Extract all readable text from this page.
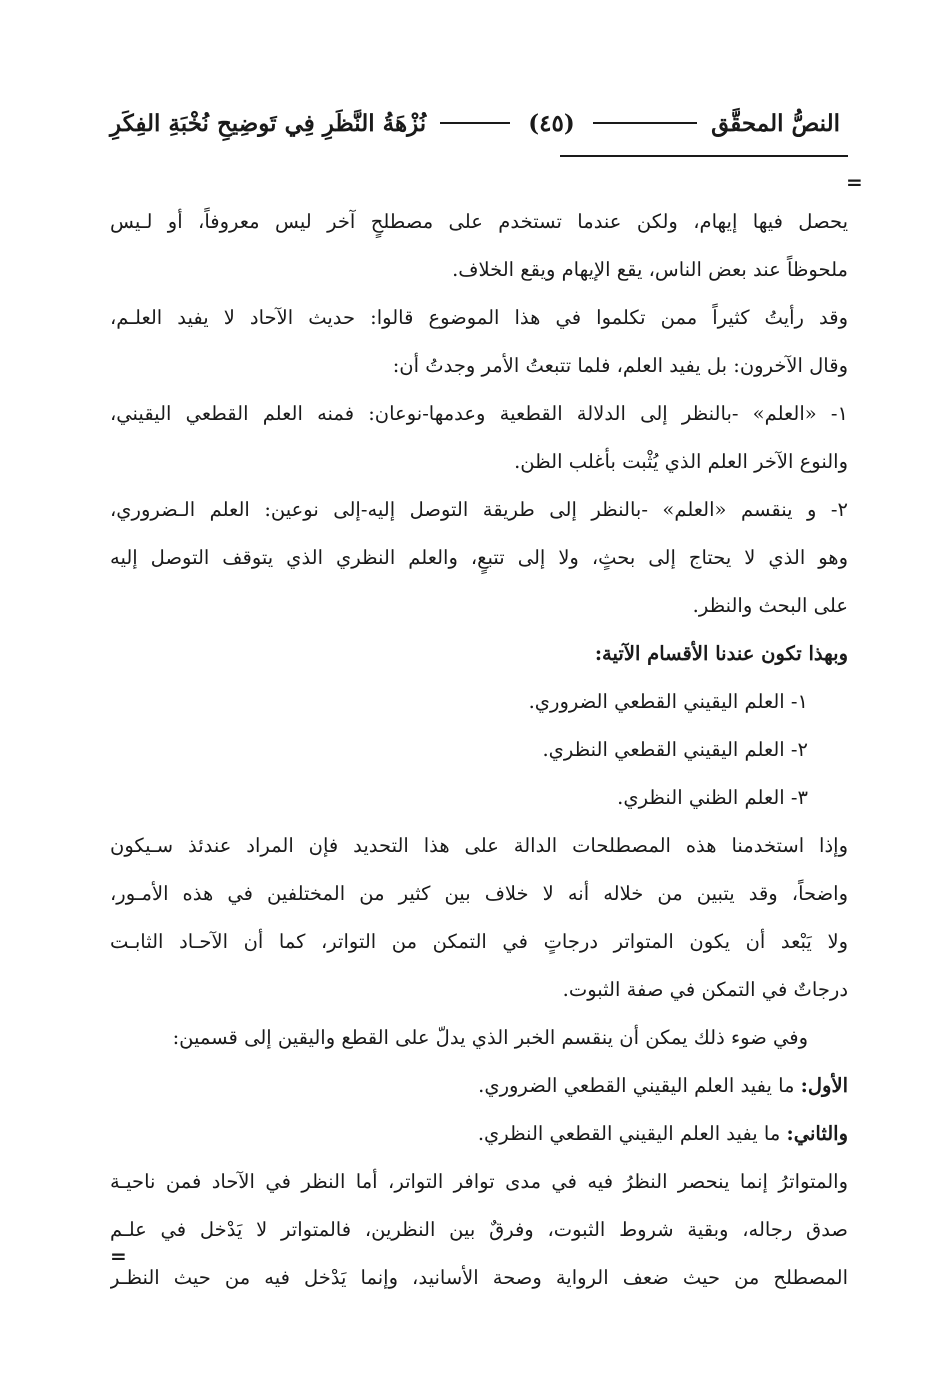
النصُّ المحقَّق
(٤٥)
نُزْهَةُ النَّظَرِ فِي تَوضِيحِ نُخْبَةِ الفِكَرِ
=
يحصل فيها إيهام، ولكن عندما تستخدم على مصطلحٍ آخر ليس معروفاً، أو لـيس
ملحوظاً عند بعض الناس، يقع الإيهام ويقع الخلاف.
وقد رأيتُ كثيراً ممن تكلموا في هذا الموضوع قالوا: حديث الآحاد لا يفيد العلـم،
وقال الآخرون: بل يفيد العلم، فلما تتبعتُ الأمر وجدتُ أن:
١- «العلم» -بالنظر إلى الدلالة القطعية وعدمها-نوعان: فمنه العلم القطعي اليقيني،
والنوع الآخر العلم الذي يُثْبت بأغلب الظن.
٢- و ينقسم «العلم» -بالنظر إلى طريقة التوصل إليه-إلى نوعين: العلم الـضروري،
وهو الذي لا يحتاج إلى بحثٍ، ولا إلى تتبعٍ، والعلم النظري الذي يتوقف التوصل إليه
على البحث والنظر.
وبهذا تكون عندنا الأقسام الآتية:
١- العلم اليقيني القطعي الضروري.
٢- العلم اليقيني القطعي النظري.
٣- العلم الظني النظري.
وإذا استخدمنا هذه المصطلحات الدالة على هذا التحديد فإن المراد عندئذ سـيكون
واضحاً، وقد يتبين من خلاله أنه لا خلاف بين كثير من المختلفين في هذه الأمـور،
ولا يَبْعد أن يكون المتواتر درجاتٍ في التمكن من التواتر، كما أن الآحـاد الثابـت
درجاتٌ في التمكن في صفة الثبوت.
وفي ضوء ذلك يمكن أن ينقسم الخبر الذي يدلّ على القطع واليقين إلى قسمين:
الأول: ما يفيد العلم اليقيني القطعي الضروري.
والثاني: ما يفيد العلم اليقيني القطعي النظري.
والمتواترُ إنما ينحصر النظرُ فيه في مدى توافر التواتر، أما النظر في الآحاد فمن ناحيـة
صدق رجاله، وبقية شروط الثبوت، وفرقٌ بين النظرين، فالمتواتر لا يَدْخل في علـم
المصطلح من حيث ضعف الرواية وصحة الأسانيد، وإنما يَدْخل فيه من حيث النظـر
=
